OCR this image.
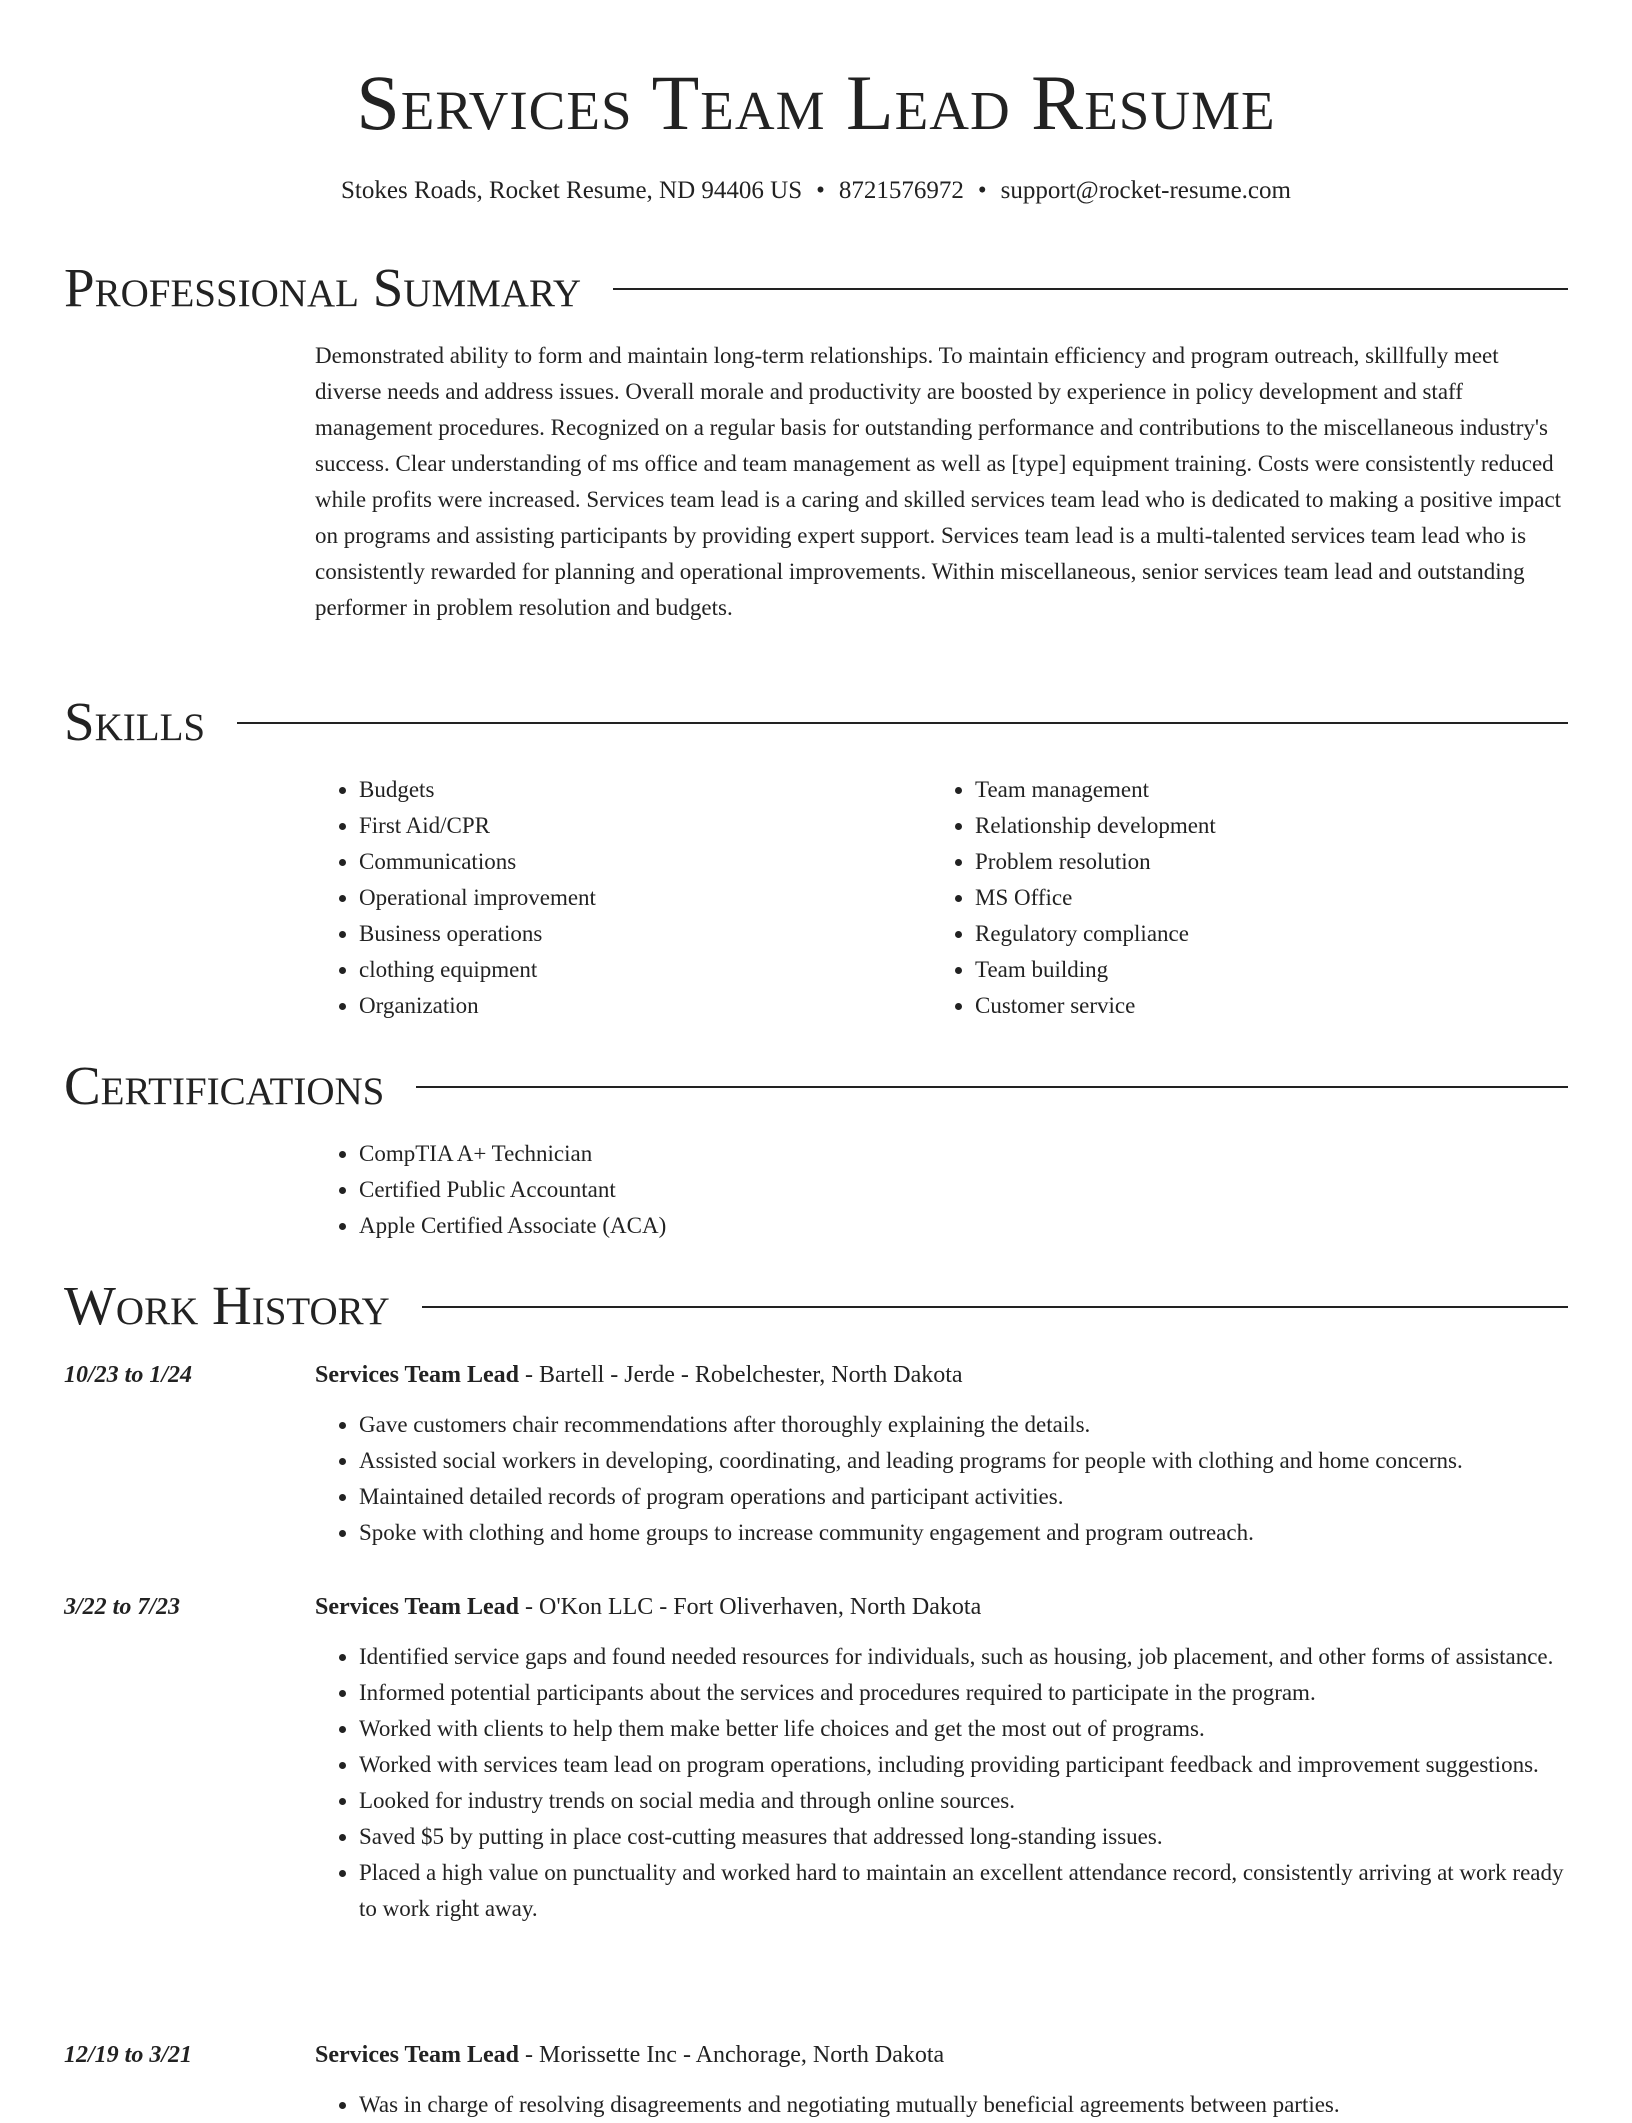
Services Team Lead Resume
Stokes Roads, Rocket Resume, ND 94406 US • 8721576972 • support@rocket-resume.com
Professional Summary

Demonstrated ability to form and maintain long-term relationships. To maintain efficiency and program outreach, skillfully meet diverse needs and address issues. Overall morale and productivity are boosted by experience in policy development and staff management procedures. Recognized on a regular basis for outstanding performance and contributions to the miscellaneous industry's success. Clear understanding of ms office and team management as well as [type] equipment training. Costs were consistently reduced while profits were increased. Services team lead is a caring and skilled services team lead who is dedicated to making a positive impact on programs and assisting participants by providing expert support. Services team lead is a multi-talented services team lead who is consistently rewarded for planning and operational improvements. Within miscellaneous, senior services team lead and outstanding performer in problem resolution and budgets.

Skills
• Budgets
• First Aid/CPR
• Communications
• Operational improvement
• Business operations
• clothing equipment
• Organization
• Team management
• Relationship development
• Problem resolution
• MS Office
• Regulatory compliance
• Team building
• Customer service
Certifications
• CompTIA A+ Technician
• Certified Public Accountant
• Apple Certified Associate (ACA)
Work History
10/23 to 1/24	Services Team Lead - Bartell - Jerde - Robelchester, North Dakota
• Gave customers chair recommendations after thoroughly explaining the details.
• Assisted social workers in developing, coordinating, and leading programs for people with clothing and home concerns.
• Maintained detailed records of program operations and participant activities.
• Spoke with clothing and home groups to increase community engagement and program outreach.
3/22 to 7/23	Services Team Lead - O'Kon LLC - Fort Oliverhaven, North Dakota
• Identified service gaps and found needed resources for individuals, such as housing, job placement, and other forms of assistance.
• Informed potential participants about the services and procedures required to participate in the program.
• Worked with clients to help them make better life choices and get the most out of programs.
• Worked with services team lead on program operations, including providing participant feedback and improvement suggestions.
• Looked for industry trends on social media and through online sources.
• Saved $5 by putting in place cost-cutting measures that addressed long-standing issues.
• Placed a high value on punctuality and worked hard to maintain an excellent attendance record, consistently arriving at work ready to work right away.
12/19 to 3/21	Services Team Lead - Morissette Inc - Anchorage, North Dakota
• Was in charge of resolving disagreements and negotiating mutually beneficial agreements between parties.
